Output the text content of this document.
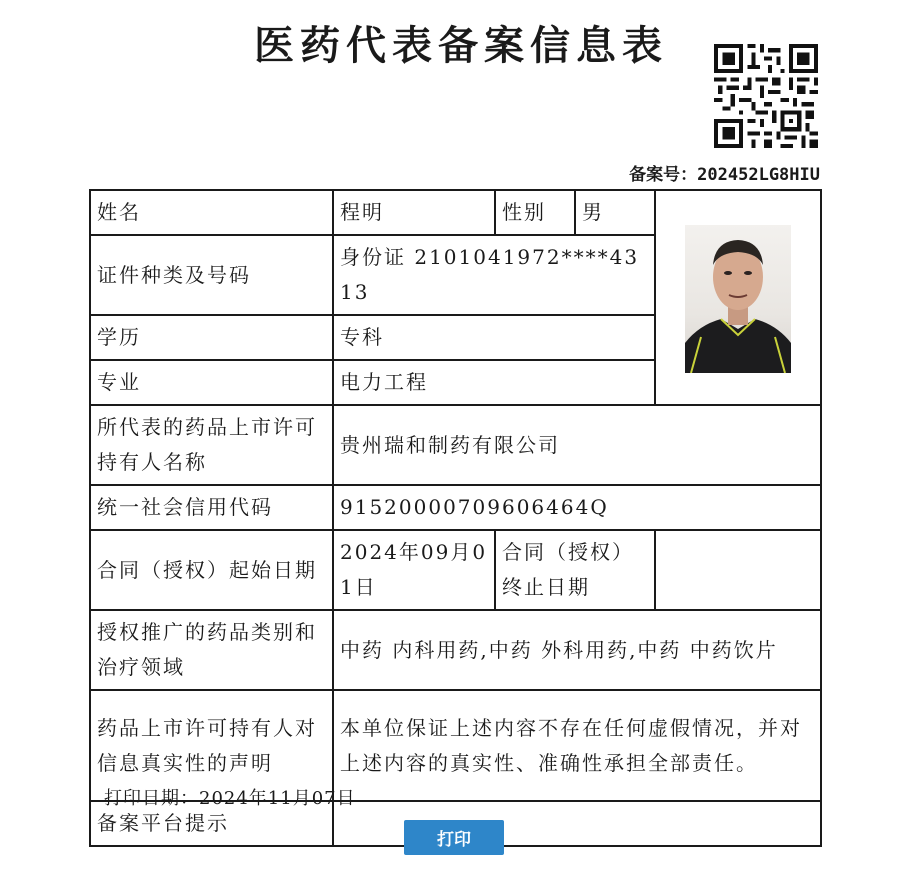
医药代表备案信息表
备案号：202452LG8HIU
姓名	程明	性别	男	

证件种类及号码	身份证 2101041972****4313			
学历	专科			
专业	电力工程			
所代表的药品上市许可持有人名称	贵州瑞和制药有限公司			
统一社会信用代码	91520000709606464Q			
合同（授权）起始日期	2024年09月01日	合同（授权）终止日期		
授权推广的药品类别和治疗领域	中药 内科用药,中药 外科用药,中药 中药饮片			
药品上市许可持有人对信息真实性的声明	本单位保证上述内容不存在任何虚假情况，并对上述内容的真实性、准确性承担全部责任。			
备案平台提示				
打印日期：2024年11月07日
打印
